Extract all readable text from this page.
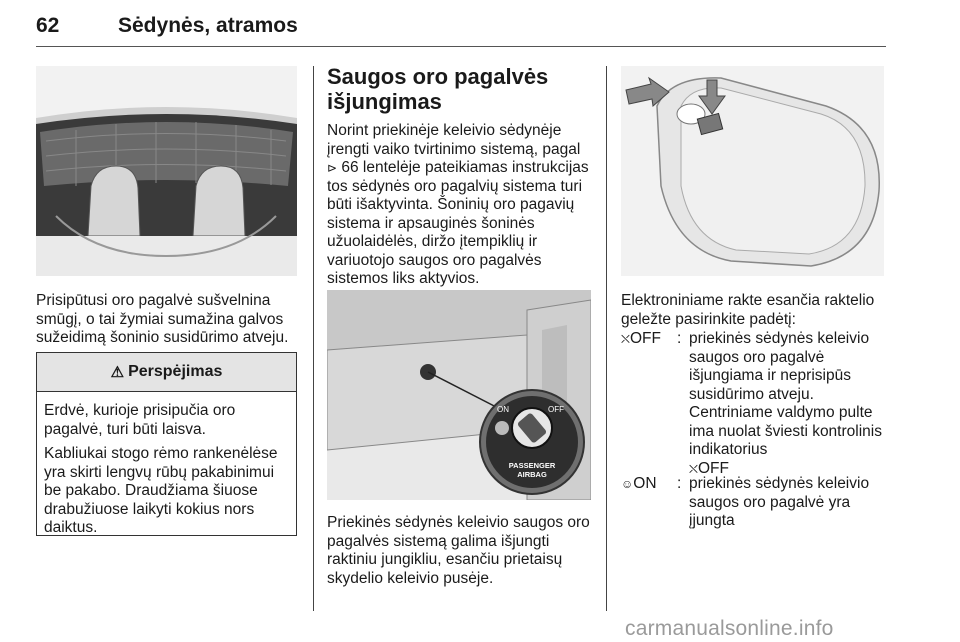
62	Sėdynės, atramos
Prisipūtusi oro pagalvė sušvelnina smūgį, o tai žymiai sumažina galvos sužeidimą šoninio susidūrimo atveju.
⚠ Perspėjimas
Erdvė, kurioje prisipučia oro pagalvė, turi būti laisva.
Kabliukai stogo rėmo rankenėlėse yra skirti lengvų rūbų pakabinimui be pakabo. Draudžiama šiuose drabužiuose laikyti kokius nors daiktus.
Saugos oro pagalvės išjungimas
Norint priekinėje keleivio sėdynėje įrengti vaiko tvirtinimo sistemą, pagal
⊳ 66 lentelėje pateikiamas instrukcijas tos sėdynės oro pagalvių sistema turi būti išaktyvinta. Šoninių oro pagavių sistema ir apsauginės šoninės užuolaidėlės, diržo įtempiklių ir variuotojo saugos oro pagalvės sistemos liks aktyvios.
ON	OFF
PASSENGER
AIRBAG
Priekinės sėdynės keleivio saugos oro pagalvės sistemą galima išjungti raktiniu jungikliu, esančiu prietaisų skydelio keleivio pusėje.
Elektroniniame rakte esančia raktelio geležte pasirinkite padėtį:
⛌OFF : priekinės sėdynės keleivio saugos oro pagalvė išjungiama ir neprisipūs susidūrimo atveju. Centriniame valdymo pulte ima nuolat šviesti kontrolinis indikatorius
⛌OFF
☺ON : priekinės sėdynės keleivio saugos oro pagalvė yra įjungta
carmanualsonline.info
